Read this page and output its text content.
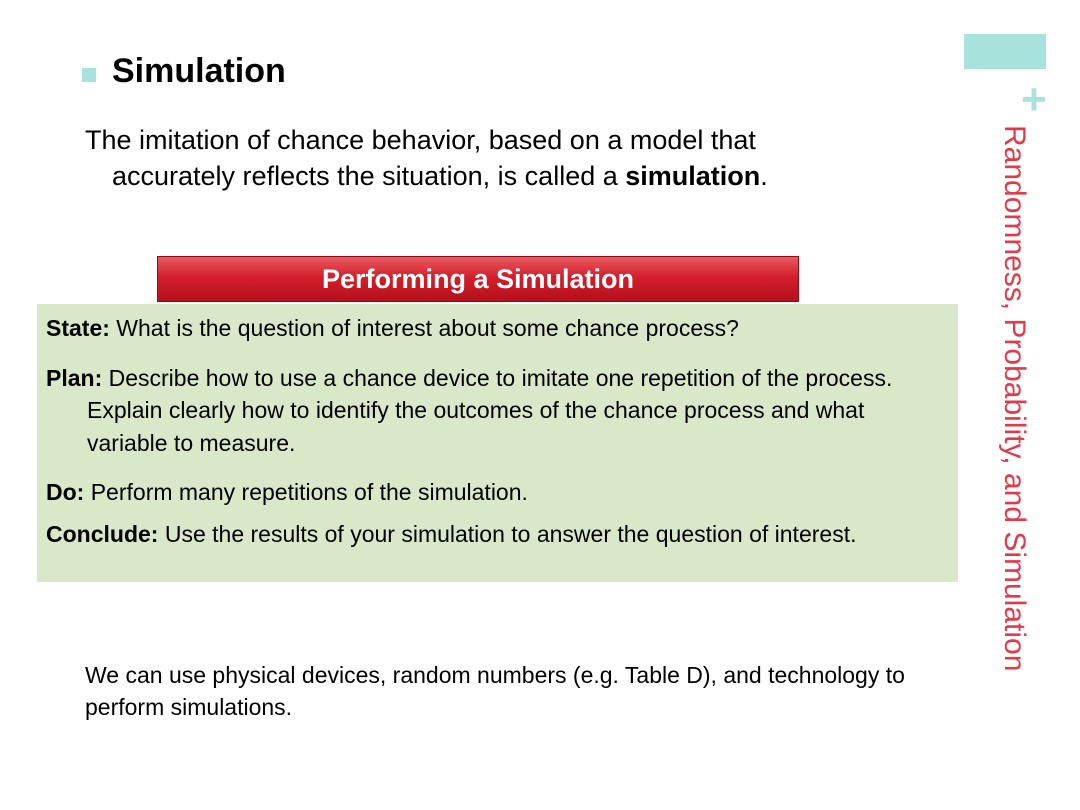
+
Randomness, Probability, and Simulation
Simulation
The imitation of chance behavior, based on a model that
accurately reflects the situation, is called a simulation.
Performing a Simulation
State: What is the question of interest about some chance process?
Plan: Describe how to use a chance device to imitate one repetition of the process. Explain clearly how to identify the outcomes of the chance process and what variable to measure.
Do: Perform many repetitions of the simulation.
Conclude: Use the results of your simulation to answer the question of interest.
We can use physical devices, random numbers (e.g. Table D), and technology to perform simulations.
